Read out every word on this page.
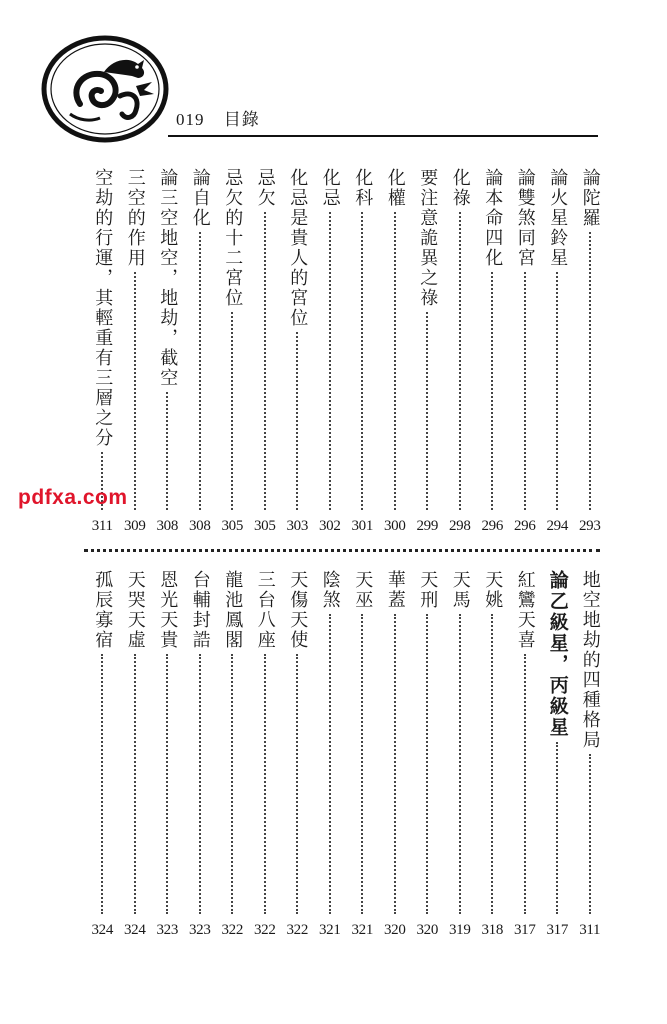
019 目錄
論陀羅
293
論火星鈴星
294
論雙煞同宮
296
論本命四化
296
化祿
298
要注意詭異之祿
299
化權
300
化科
301
化忌
302
化忌是貴人的宮位
303
忌欠
305
忌欠的十二宮位
305
論自化
308
論三空地空，地劫，截空
308
三空的作用
309
空劫的行運，其輕重有三層之分
311
地空地劫的四種格局
311
論乙級星，丙級星
317
紅鸞天喜
317
天姚
318
天馬
319
天刑
320
華蓋
320
天巫
321
陰煞
321
天傷天使
322
三台八座
322
龍池鳳閣
322
台輔封誥
323
恩光天貴
323
天哭天虛
324
孤辰寡宿
324
pdfxa.com
